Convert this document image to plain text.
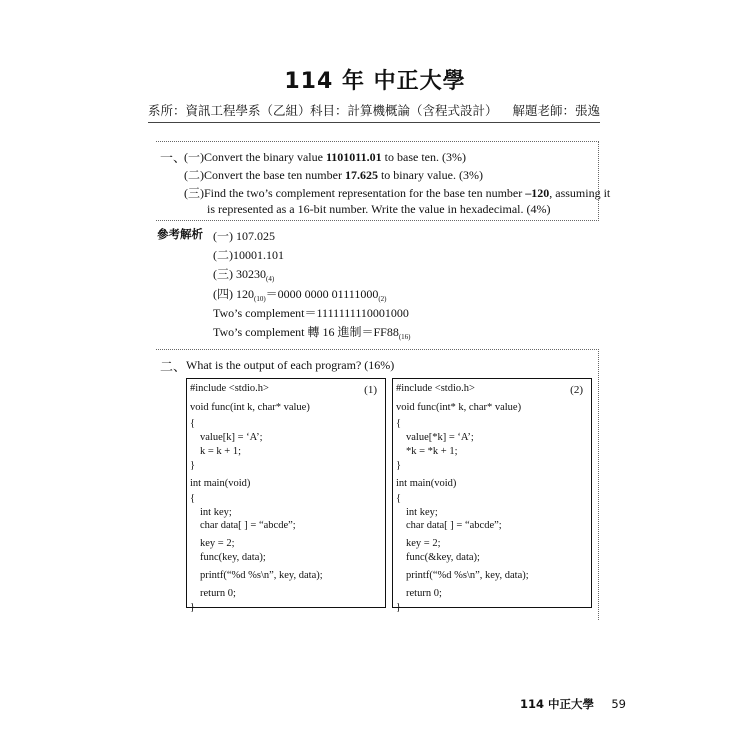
114 年 中正大學
系所：資訊工程學系（乙組） 科目：計算機概論（含程式設計） 解題老師：張逸
一、
(一)Convert the binary value 1101011.01 to base ten. (3%)
(二)Convert the base ten number 17.625 to binary value. (3%)
(三)Find the two’s complement representation for the base ten number –120, assuming it
is represented as a 16-bit number. Write the value in hexadecimal. (4%)
參考解析 (一) 107.025
(二)10001.101
(三) $30230_{(4)}$
(四) $120_{(10)}=0000$ 0000 $01111000_{(2)}$
Two’s complement＝1111111110001000
Two’s complement 轉 16 進制$=FF88_{(16)}$
二、 What is the output of each program? (16%)
(1)
#include <stdio.h>
void func(int k, char* value)
{
value[k] = ‘A’;
k = k + 1;
}
int main(void)
{
int key;
char data[ ] = “abcde”;
key = 2;
func(key, data);
printf(“%d %s\n”, key, data);
return 0;
}
(2)
#include <stdio.h>
void func(int* k, char* value)
{
value[*k] = ‘A’;
*k = *k + 1;
}
int main(void)
{
int key;
char data[ ] = “abcde”;
key = 2;
func(&key, data);
printf(“%d %s\n”, key, data);
return 0;
}
114 中正大學 59
